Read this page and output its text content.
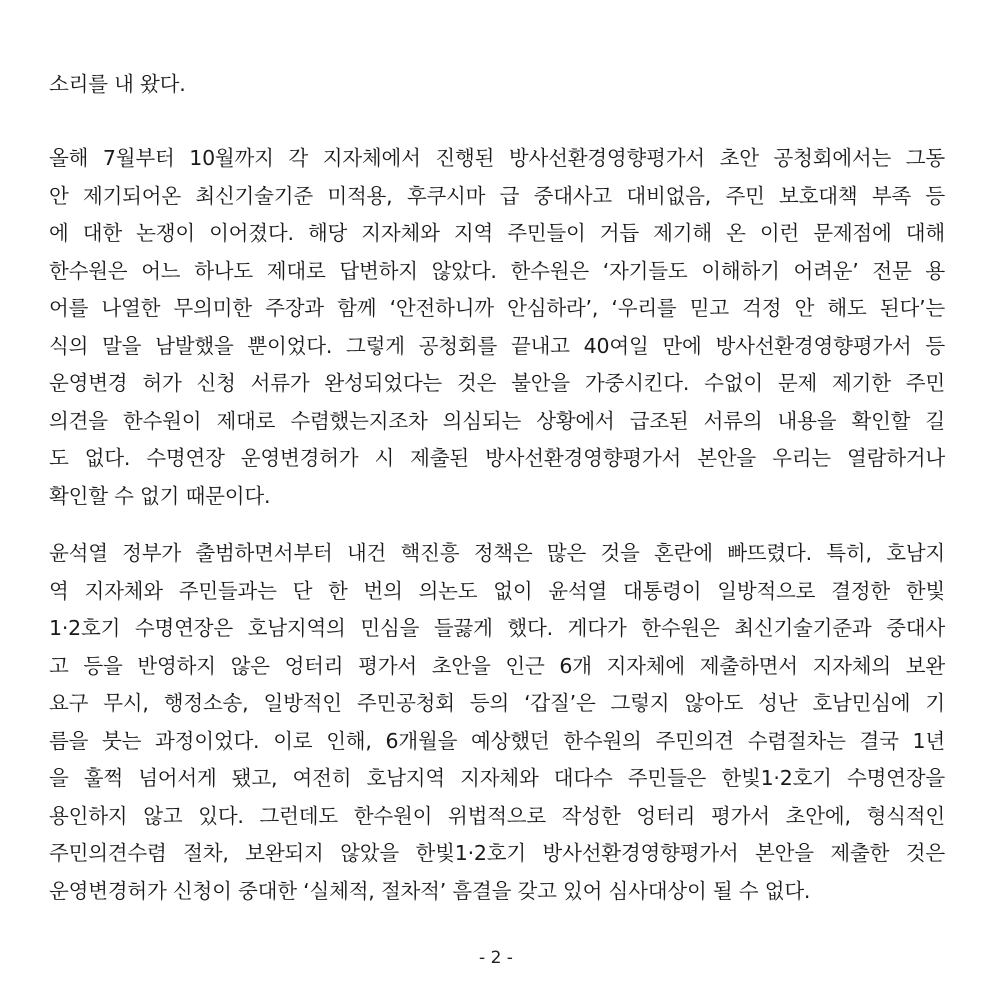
소리를 내 왔다.
올해 7월부터 10월까지 각 지자체에서 진행된 방사선환경영향평가서 초안 공청회에서는 그동
안 제기되어온 최신기술기준 미적용, 후쿠시마 급 중대사고 대비없음, 주민 보호대책 부족 등
에 대한 논쟁이 이어졌다. 해당 지자체와 지역 주민들이 거듭 제기해 온 이런 문제점에 대해
한수원은 어느 하나도 제대로 답변하지 않았다. 한수원은 ‘자기들도 이해하기 어려운’ 전문 용
어를 나열한 무의미한 주장과 함께 ‘안전하니까 안심하라’, ‘우리를 믿고 걱정 안 해도 된다’는
식의 말을 남발했을 뿐이었다. 그렇게 공청회를 끝내고 40여일 만에 방사선환경영향평가서 등
운영변경 허가 신청 서류가 완성되었다는 것은 불안을 가중시킨다. 수없이 문제 제기한 주민
의견을 한수원이 제대로 수렴했는지조차 의심되는 상황에서 급조된 서류의 내용을 확인할 길
도 없다. 수명연장 운영변경허가 시 제출된 방사선환경영향평가서 본안을 우리는 열람하거나
확인할 수 없기 때문이다.
윤석열 정부가 출범하면서부터 내건 핵진흥 정책은 많은 것을 혼란에 빠뜨렸다. 특히, 호남지
역 지자체와 주민들과는 단 한 번의 의논도 없이 윤석열 대통령이 일방적으로 결정한 한빛
1·2호기 수명연장은 호남지역의 민심을 들끓게 했다. 게다가 한수원은 최신기술기준과 중대사
고 등을 반영하지 않은 엉터리 평가서 초안을 인근 6개 지자체에 제출하면서 지자체의 보완
요구 무시, 행정소송, 일방적인 주민공청회 등의 ‘갑질’은 그렇지 않아도 성난 호남민심에 기
름을 붓는 과정이었다. 이로 인해, 6개월을 예상했던 한수원의 주민의견 수렴절차는 결국 1년
을 훌쩍 넘어서게 됐고, 여전히 호남지역 지자체와 대다수 주민들은 한빛1·2호기 수명연장을
용인하지 않고 있다. 그런데도 한수원이 위법적으로 작성한 엉터리 평가서 초안에, 형식적인
주민의견수렴 절차, 보완되지 않았을 한빛1·2호기 방사선환경영향평가서 본안을 제출한 것은
운영변경허가 신청이 중대한 ‘실체적, 절차적’ 흠결을 갖고 있어 심사대상이 될 수 없다.
- 2 -
